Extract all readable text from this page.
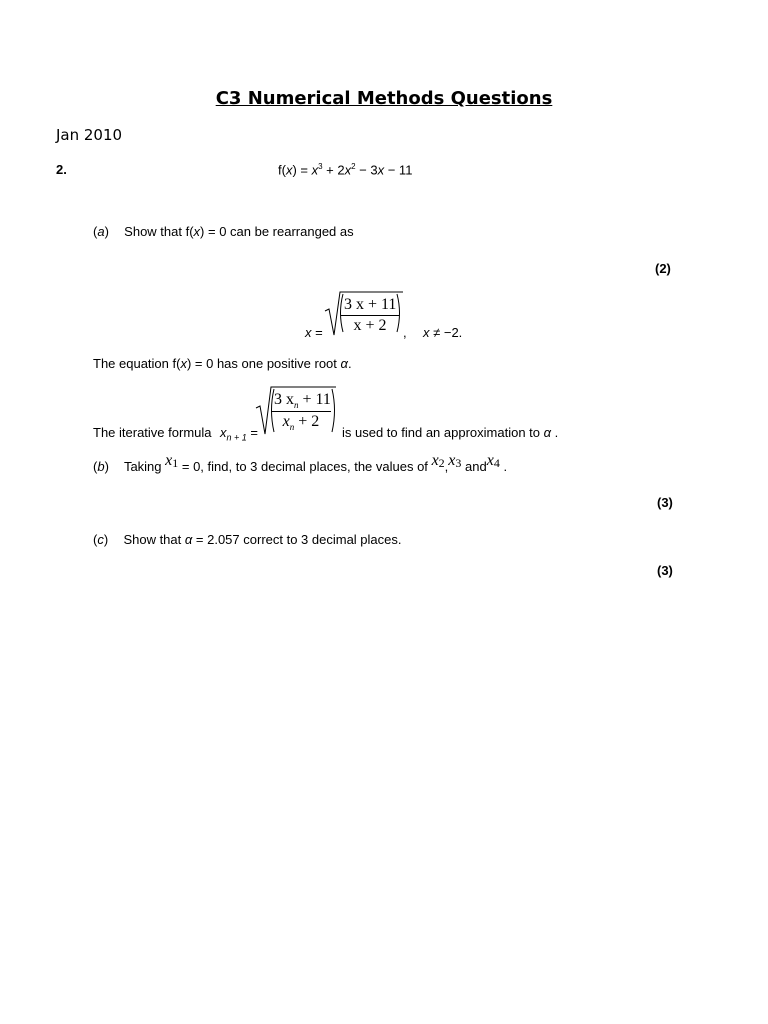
C3 Numerical Methods Questions
Jan 2010
2.	$f(x) = x^3 + 2x^2 - 3x - 11$
(a) Show that f(x) = 0 can be rearranged as
(2)
$x = \frac{3 x + 11}{x + 2}$ , x ≠ −2.
The equation f(x) = 0 has one positive root α.
The iterative formula $x_{n + 1}$ =
$\frac{3 x_n + 11}{x_n + 2}$
is used to find an approximation to α .
(b) Taking x1 = 0, find, to 3 decimal places, the values of x2,x3 andx4 .
(3)
(c) Show that α = 2.057 correct to 3 decimal places.
(3)
